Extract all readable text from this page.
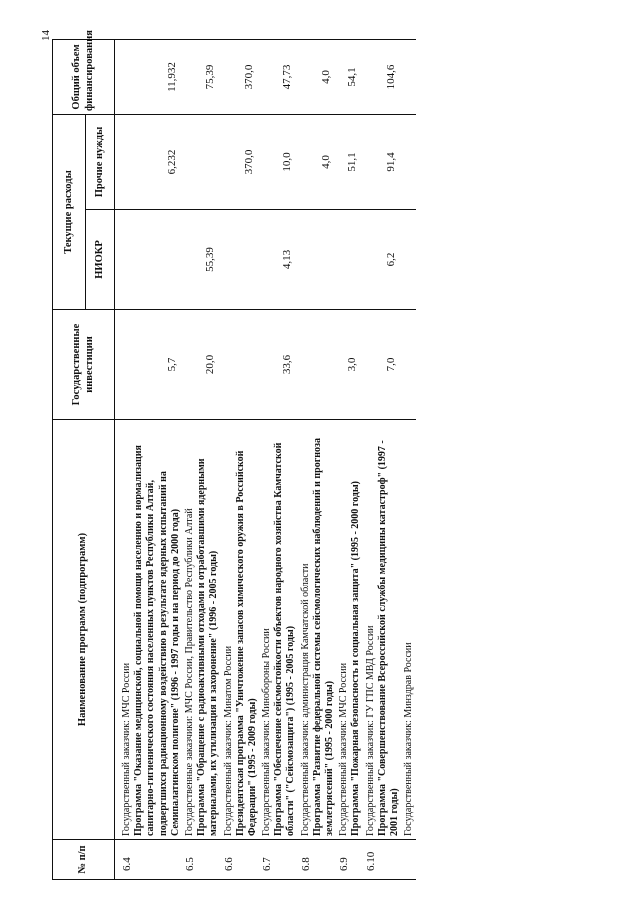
14
№ п/п	Наименование программ (подпрограмм)	Государственные инвестиции	Текущие расходы		Общий объем финансирования
			НИОКР	Прочие нужды	
6.4	Государственный заказчик: МЧС России Программа "Оказание медицинской, социальной помощи населению и нормализация санитарно-гигиенического состояния населенных пунктов Республики Алтай, подвергшихся радиационному воздействию в результате ядерных испытаний на Семипалатинском полигоне" (1996 - 1997 годы и на период до 2000 года)	5,7		6,232	11,932
6.5	Государственные заказчики: МЧС России, Правительство Республики Алтай Программа "Обращение с радиоактивными отходами и отработавшими ядерными материалами, их утилизация и захоронение" (1996 - 2005 годы)	20,0	55,39		75,39
6.6	Государственный заказчик: Минатом России Президентская программа "Уничтожение запасов химического оружия в Российской Федерации" (1995 - 2009 годы)			370,0	370,0
6.7	Государственный заказчик: Минобороны России Программа "Обеспечение сейсмостойкости объектов народного хозяйства Камчатской области" ("Сейсмозащита") (1995 - 2005 годы)	33,6	4,13	10,0	47,73
6.8	Государственный заказчик: администрация Камчатской области Программа "Развитие федеральной системы сейсмологических наблюдений и прогноза землетрясений" (1995 - 2000 годы)			4,0	4,0
6.9	Государственный заказчик: МЧС России Программа "Пожарная безопасность и социальная защита" (1995 - 2000 годы)	3,0		51,1	54,1
6.10	Государственный заказчик: ГУ ГПС МВД России Программа "Совершенствование Всероссийской службы медицины катастроф" (1997 - 2001 годы)	7,0	6,2	91,4	104,6

	Государственный заказчик: Минздрав России				
